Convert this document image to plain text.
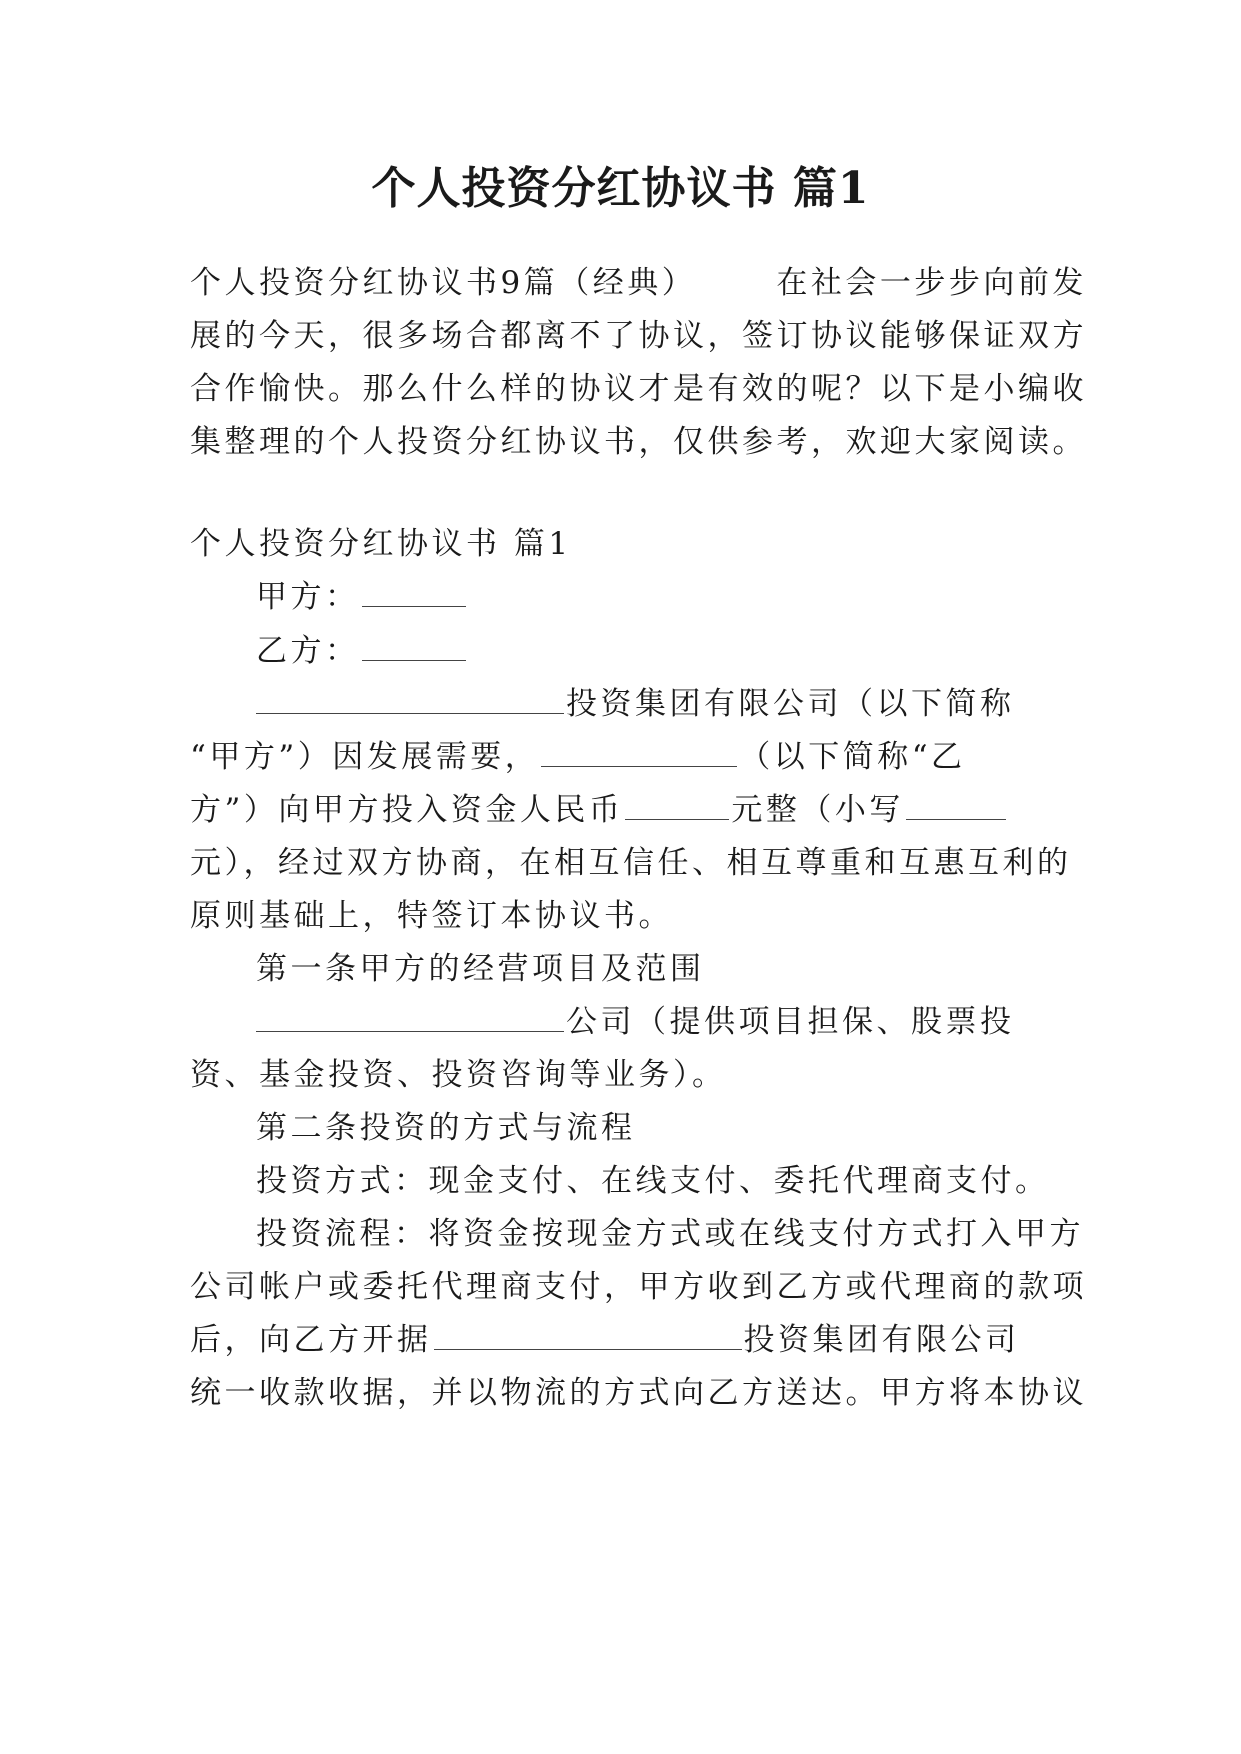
个人投资分红协议书 篇1

个人投资分红协议书9篇（经典）      在社会一步步向前发

展的今天，很多场合都离不了协议，签订协议能够保证双方

合作愉快。那么什么样的协议才是有效的呢？以下是小编收

集整理的个人投资分红协议书，仅供参考，欢迎大家阅读。

个人投资分红协议书 篇1

甲方：

乙方：

投资集团有限公司（以下简称

“甲方”）因发展需要，	（以下简称“乙

方”）向甲方投入资金人民币	元整（小写

元），经过双方协商，在相互信任、相互尊重和互惠互利的

原则基础上，特签订本协议书。

第一条甲方的经营项目及范围

公司（提供项目担保、股票投

资、基金投资、投资咨询等业务）。

第二条投资的方式与流程

投资方式：现金支付、在线支付、委托代理商支付。

投资流程：将资金按现金方式或在线支付方式打入甲方

公司帐户或委托代理商支付，甲方收到乙方或代理商的款项

后，向乙方开据	投资集团有限公司

统一收款收据，并以物流的方式向乙方送达。甲方将本协议
